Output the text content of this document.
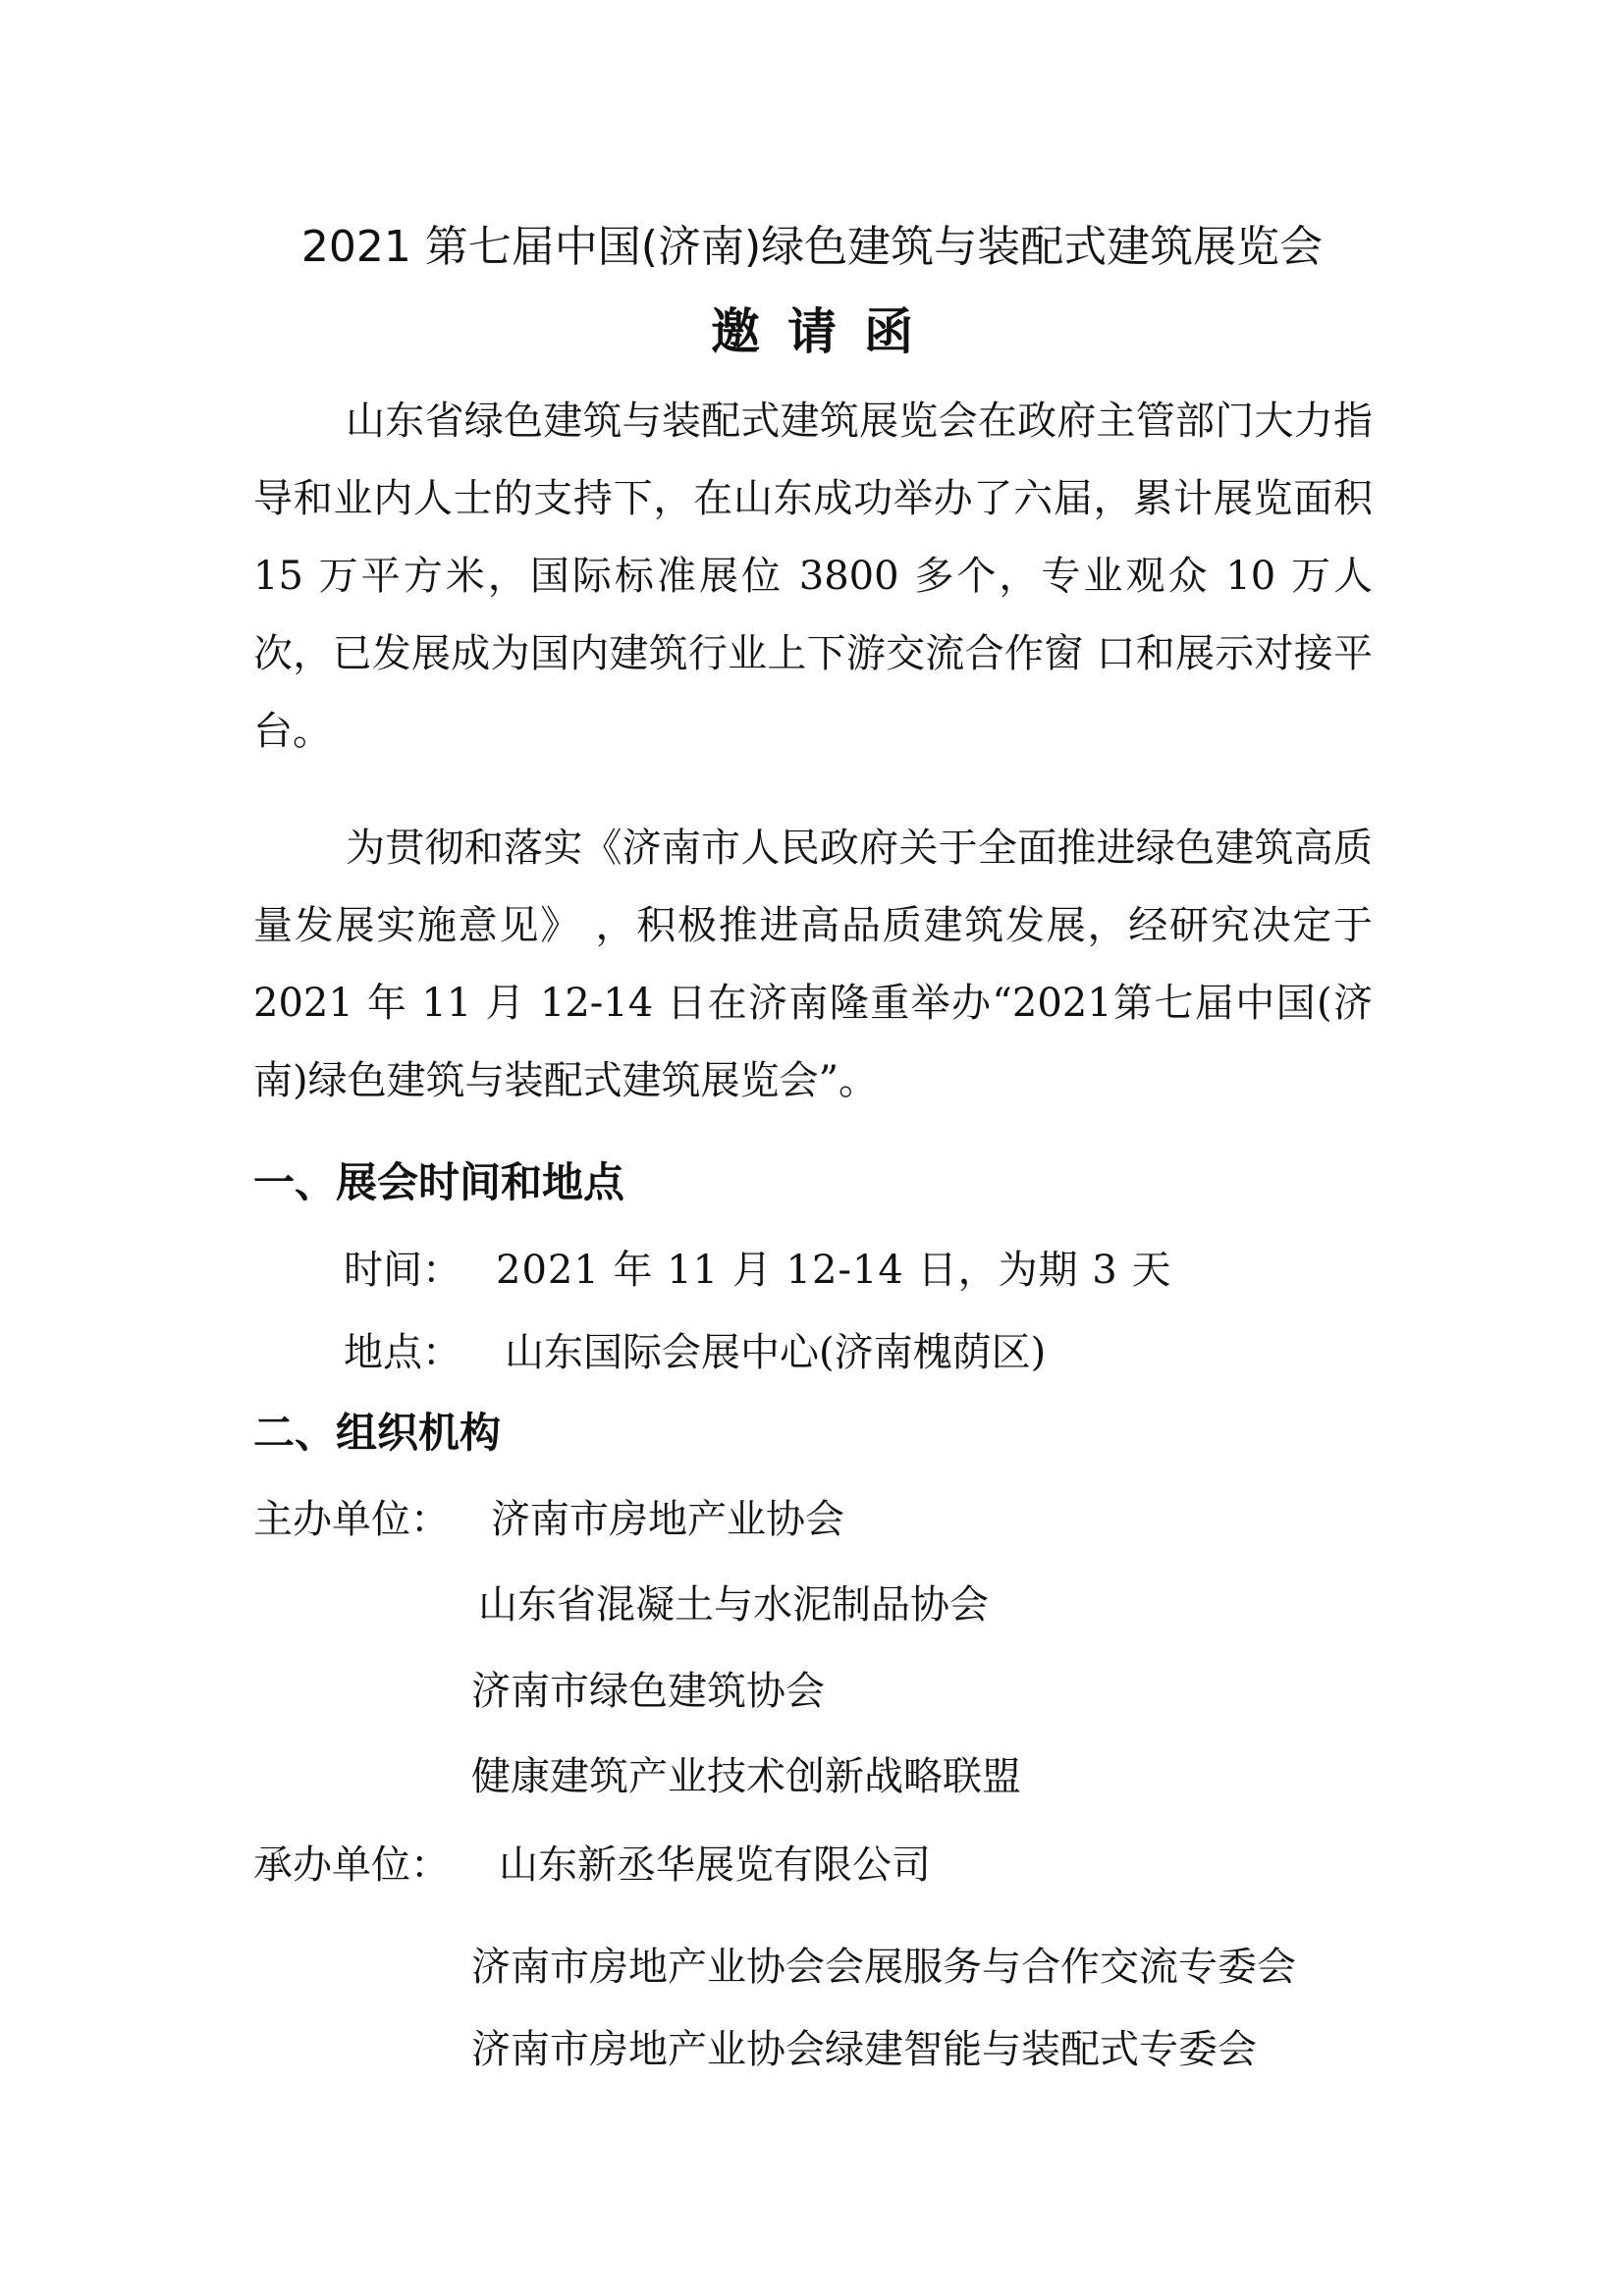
2021 第七届中国(济南)绿色建筑与装配式建筑展览会
邀请函
山东省绿色建筑与装配式建筑展览会在政府主管部门大力指导和业内人士的支持下，在山东成功举办了六届，累计展览面积 15 万平方米，国际标准展位 3800 多个，专业观众 10 万人次，已发展成为国内建筑行业上下游交流合作窗 口和展示对接平台。
为贯彻和落实《济南市人民政府关于全面推进绿色建筑高质量发展实施意见》 ，积极推进高品质建筑发展，经研究决定于 2021 年 11 月 12-14 日在济南隆重举办“2021第七届中国(济南)绿色建筑与装配式建筑展览会”。
一、展会时间和地点
时间： 2021 年 11 月 12-14 日，为期 3 天
地点： 山东国际会展中心(济南槐荫区)
二、组织机构
主办单位： 济南市房地产业协会
山东省混凝土与水泥制品协会
济南市绿色建筑协会
健康建筑产业技术创新战略联盟
承办单位： 山东新丞华展览有限公司
济南市房地产业协会会展服务与合作交流专委会
济南市房地产业协会绿建智能与装配式专委会
